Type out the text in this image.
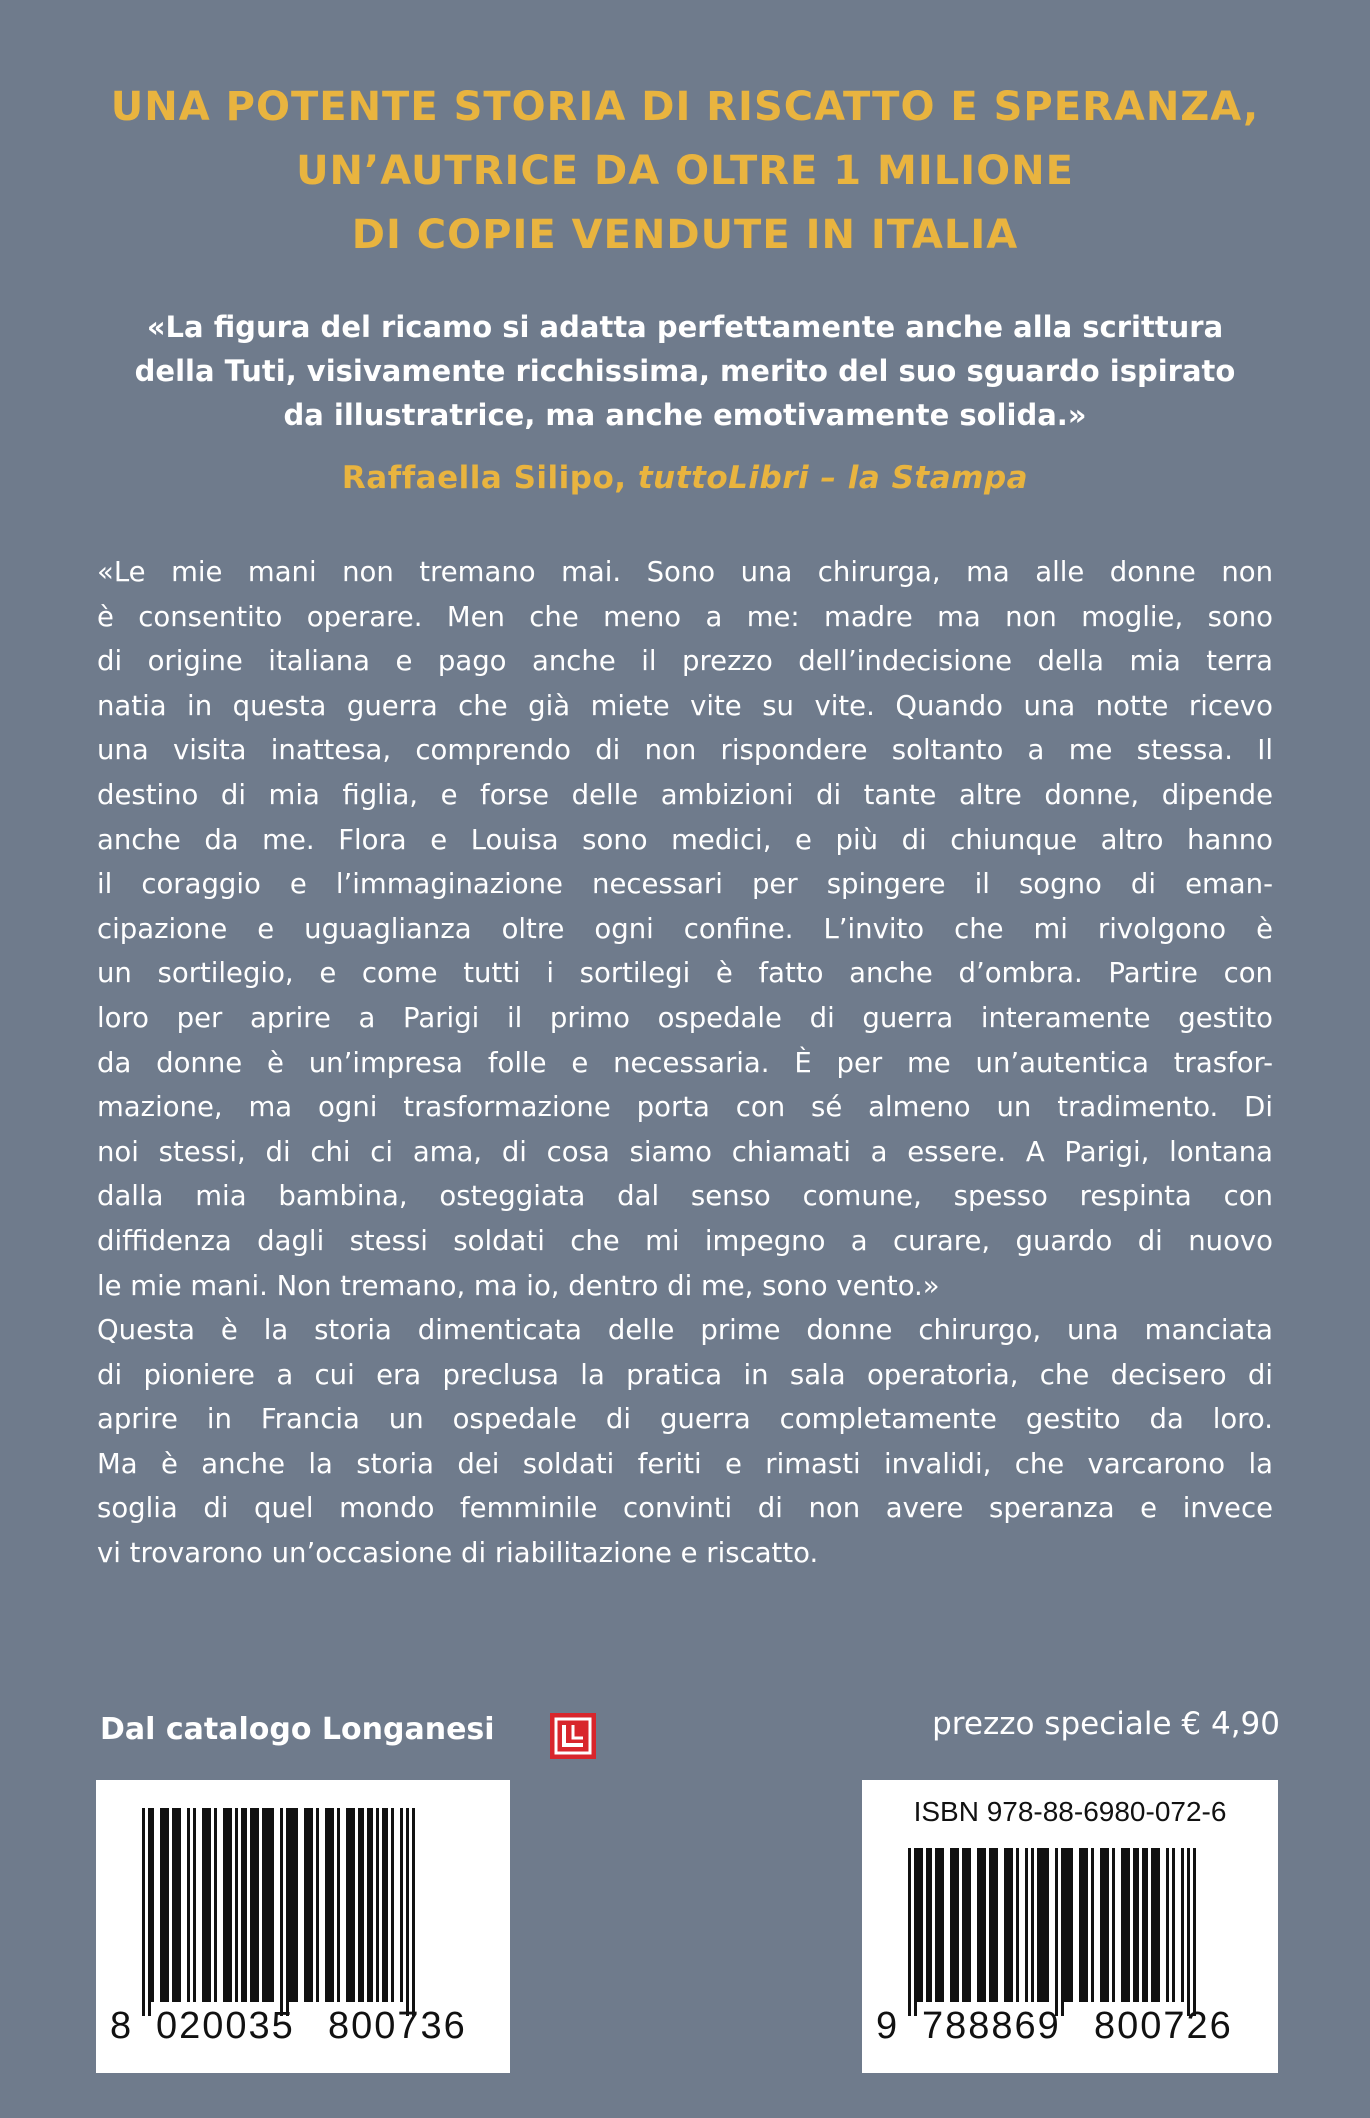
UNA POTENTE STORIA DI RISCATTO E SPERANZA,
UN’AUTRICE DA OLTRE 1 MILIONE
DI COPIE VENDUTE IN ITALIA
«La figura del ricamo si adatta perfettamente anche alla scrittura
della Tuti, visivamente ricchissima, merito del suo sguardo ispirato
da illustratrice, ma anche emotivamente solida.»
Raffaella Silipo, tuttoLibri – la Stampa
«Le mie mani non tremano mai. Sono una chirurga, ma alle donne non
è consentito operare. Men che meno a me: madre ma non moglie, sono
di origine italiana e pago anche il prezzo dell’indecisione della mia terra
natia in questa guerra che già miete vite su vite. Quando una notte ricevo
una visita inattesa, comprendo di non rispondere soltanto a me stessa. Il
destino di mia figlia, e forse delle ambizioni di tante altre donne, dipende
anche da me. Flora e Louisa sono medici, e più di chiunque altro hanno
il coraggio e l’immaginazione necessari per spingere il sogno di eman-
cipazione e uguaglianza oltre ogni confine. L’invito che mi rivolgono è
un sortilegio, e come tutti i sortilegi è fatto anche d’ombra. Partire con
loro per aprire a Parigi il primo ospedale di guerra interamente gestito
da donne è un’impresa folle e necessaria. È per me un’autentica trasfor-
mazione, ma ogni trasformazione porta con sé almeno un tradimento. Di
noi stessi, di chi ci ama, di cosa siamo chiamati a essere. A Parigi, lontana
dalla mia bambina, osteggiata dal senso comune, spesso respinta con
diffidenza dagli stessi soldati che mi impegno a curare, guardo di nuovo
le mie mani. Non tremano, ma io, dentro di me, sono vento.»
Questa è la storia dimenticata delle prime donne chirurgo, una manciata
di pioniere a cui era preclusa la pratica in sala operatoria, che decisero di
aprire in Francia un ospedale di guerra completamente gestito da loro.
Ma è anche la storia dei soldati feriti e rimasti invalidi, che varcarono la
soglia di quel mondo femminile convinti di non avere speranza e invece
vi trovarono un’occasione di riabilitazione e riscatto.
Dal catalogo Longanesi	prezzo speciale € 4,90
8 020035 800736
ISBN 978-88-6980-072-6
9 788869 800726
